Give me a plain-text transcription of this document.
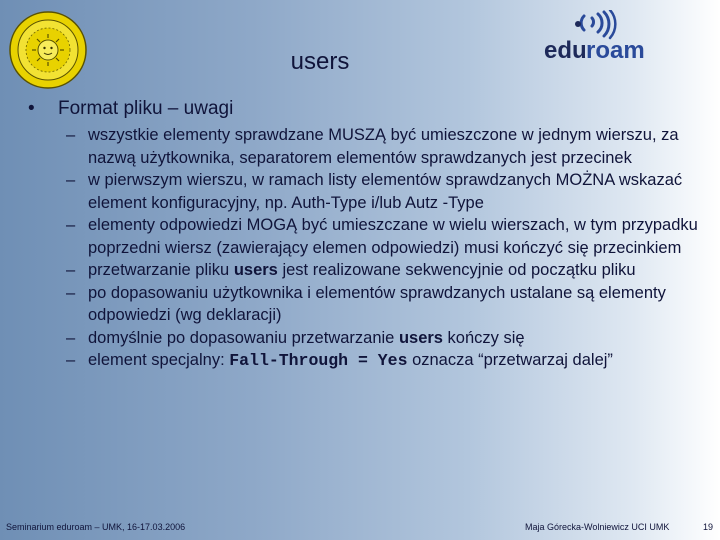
users	edu roam
• Format pliku – uwagi
– wszystkie elementy sprawdzane MUSZĄ być umieszczone w jednym wierszu, za nazwą użytkownika, separatorem elementów sprawdzanych jest przecinek
– w pierwszym wierszu, w ramach listy elementów sprawdzanych MOŻNA wskazać element konfiguracyjny, np. Auth-Type i/lub Autz -Type
– elementy odpowiedzi MOGĄ być umieszczane w wielu wierszach, w tym przypadku poprzedni wiersz (zawierający elemen odpowiedzi) musi kończyć się przecinkiem
– przetwarzanie pliku users jest realizowane sekwencyjnie od początku pliku
– po dopasowaniu użytkownika i elementów sprawdzanych ustalane są elementy odpowiedzi (wg deklaracji)
– domyślnie po dopasowaniu przetwarzanie users kończy się
– element specjalny: Fall-Through = Yes oznacza “przetwarzaj dalej”
Seminarium eduroam – UMK, 16-17.03.2006	Maja Górecka-Wolniewicz UCI UMK	19
